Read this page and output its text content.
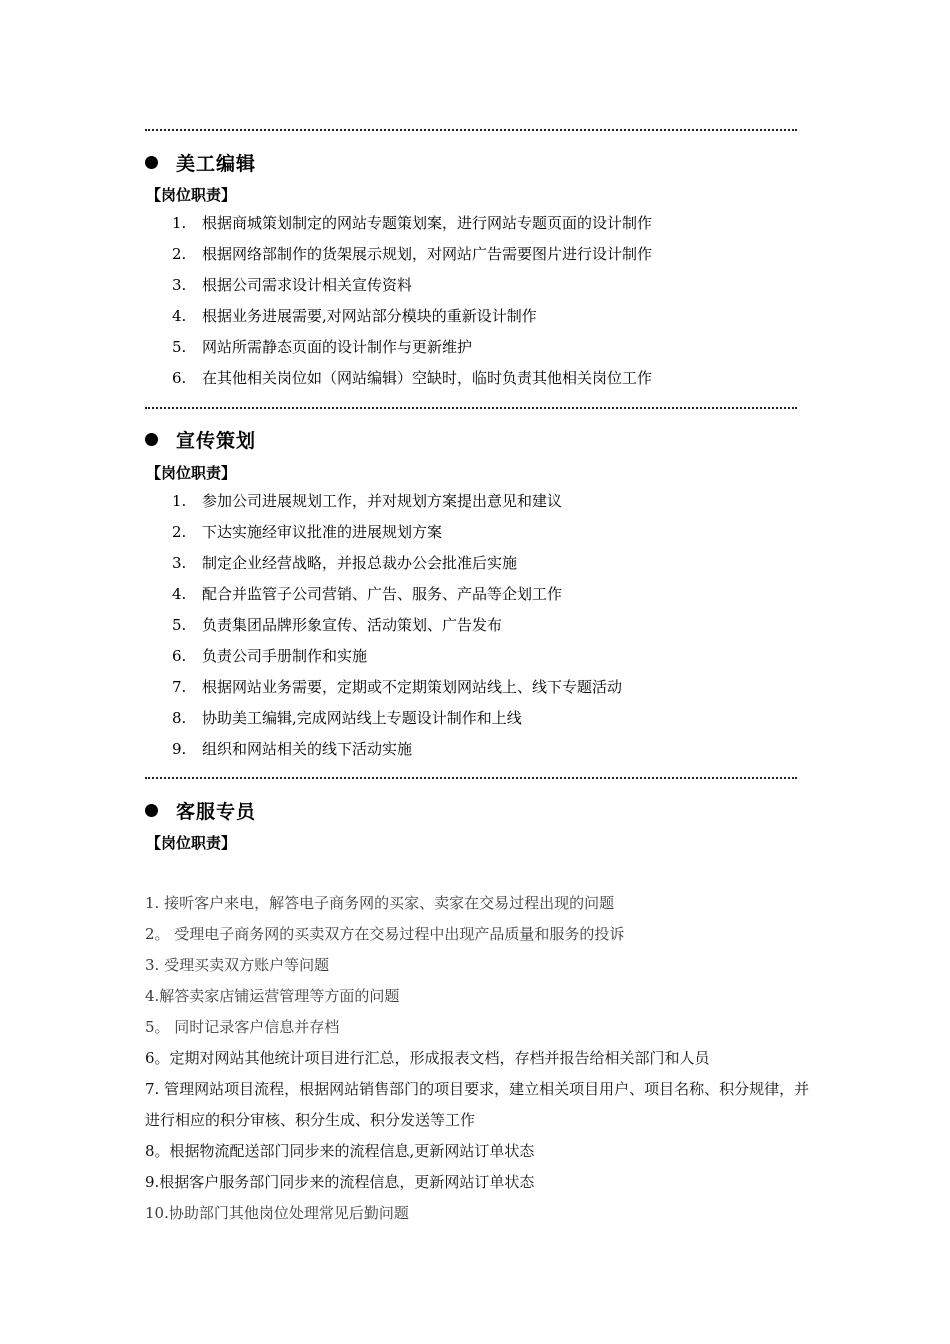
美工编辑
【岗位职责】
1.	根据商城策划制定的网站专题策划案，进行网站专题页面的设计制作
2.	根据网络部制作的货架展示规划，对网站广告需要图片进行设计制作
3.	根据公司需求设计相关宣传资料
4.	根据业务进展需要,对网站部分模块的重新设计制作
5.	网站所需静态页面的设计制作与更新维护
6.	在其他相关岗位如（网站编辑）空缺时，临时负责其他相关岗位工作
宣传策划
【岗位职责】
1.	参加公司进展规划工作，并对规划方案提出意见和建议
2.	下达实施经审议批准的进展规划方案
3.	制定企业经营战略，并报总裁办公会批准后实施
4.	配合并监管子公司营销、广告、服务、产品等企划工作
5.	负责集团品牌形象宣传、活动策划、广告发布
6.	负责公司手册制作和实施
7.	根据网站业务需要，定期或不定期策划网站线上、线下专题活动
8.	协助美工编辑,完成网站线上专题设计制作和上线
9.	组织和网站相关的线下活动实施
客服专员
【岗位职责】
1. 接听客户来电，解答电子商务网的买家、卖家在交易过程出现的问题
2。 受理电子商务网的买卖双方在交易过程中出现产品质量和服务的投诉
3. 受理买卖双方账户等问题
4.解答卖家店铺运营管理等方面的问题
5。 同时记录客户信息并存档
6。定期对网站其他统计项目进行汇总，形成报表文档，存档并报告给相关部门和人员
7. 管理网站项目流程，根据网站销售部门的项目要求，建立相关项目用户、项目名称、积分规律，并进行相应的积分审核、积分生成、积分发送等工作
8。根据物流配送部门同步来的流程信息,更新网站订单状态
9.根据客户服务部门同步来的流程信息，更新网站订单状态
10.协助部门其他岗位处理常见后勤问题
